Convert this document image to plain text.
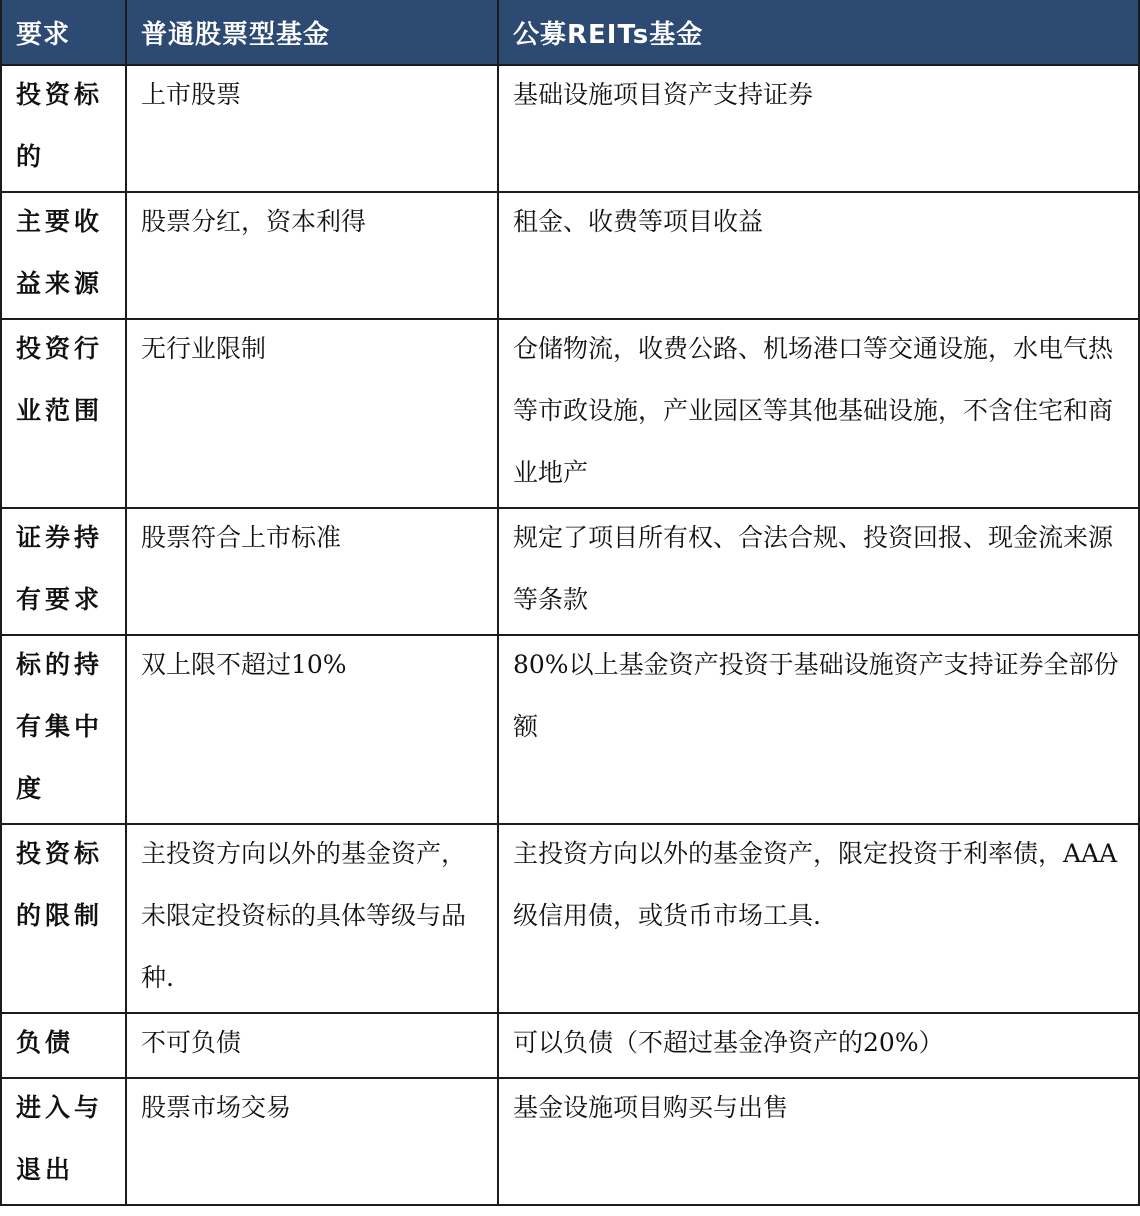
要求	普通股票型基金	公募REITs基金

投资标的	上市股票	基础设施项目资产支持证券

主要收益来源	股票分红，资本利得	租金、收费等项目收益

投资行业范围	无行业限制	仓储物流，收费公路、机场港口等交通设施，水电气热等市政设施，产业园区等其他基础设施，不含住宅和商业地产

证券持有要求	股票符合上市标准	规定了项目所有权、合法合规、投资回报、现金流来源等条款

标的持有集中度	双上限不超过10%	80%以上基金资产投资于基础设施资产支持证券全部份额

投资标的限制	主投资方向以外的基金资产，未限定投资标的具体等级与品种.	主投资方向以外的基金资产，限定投资于利率债，AAA级信用债，或货币市场工具.

负债	不可负债	可以负债（不超过基金净资产的20%）

进入与退出	股票市场交易	基金设施项目购买与出售
